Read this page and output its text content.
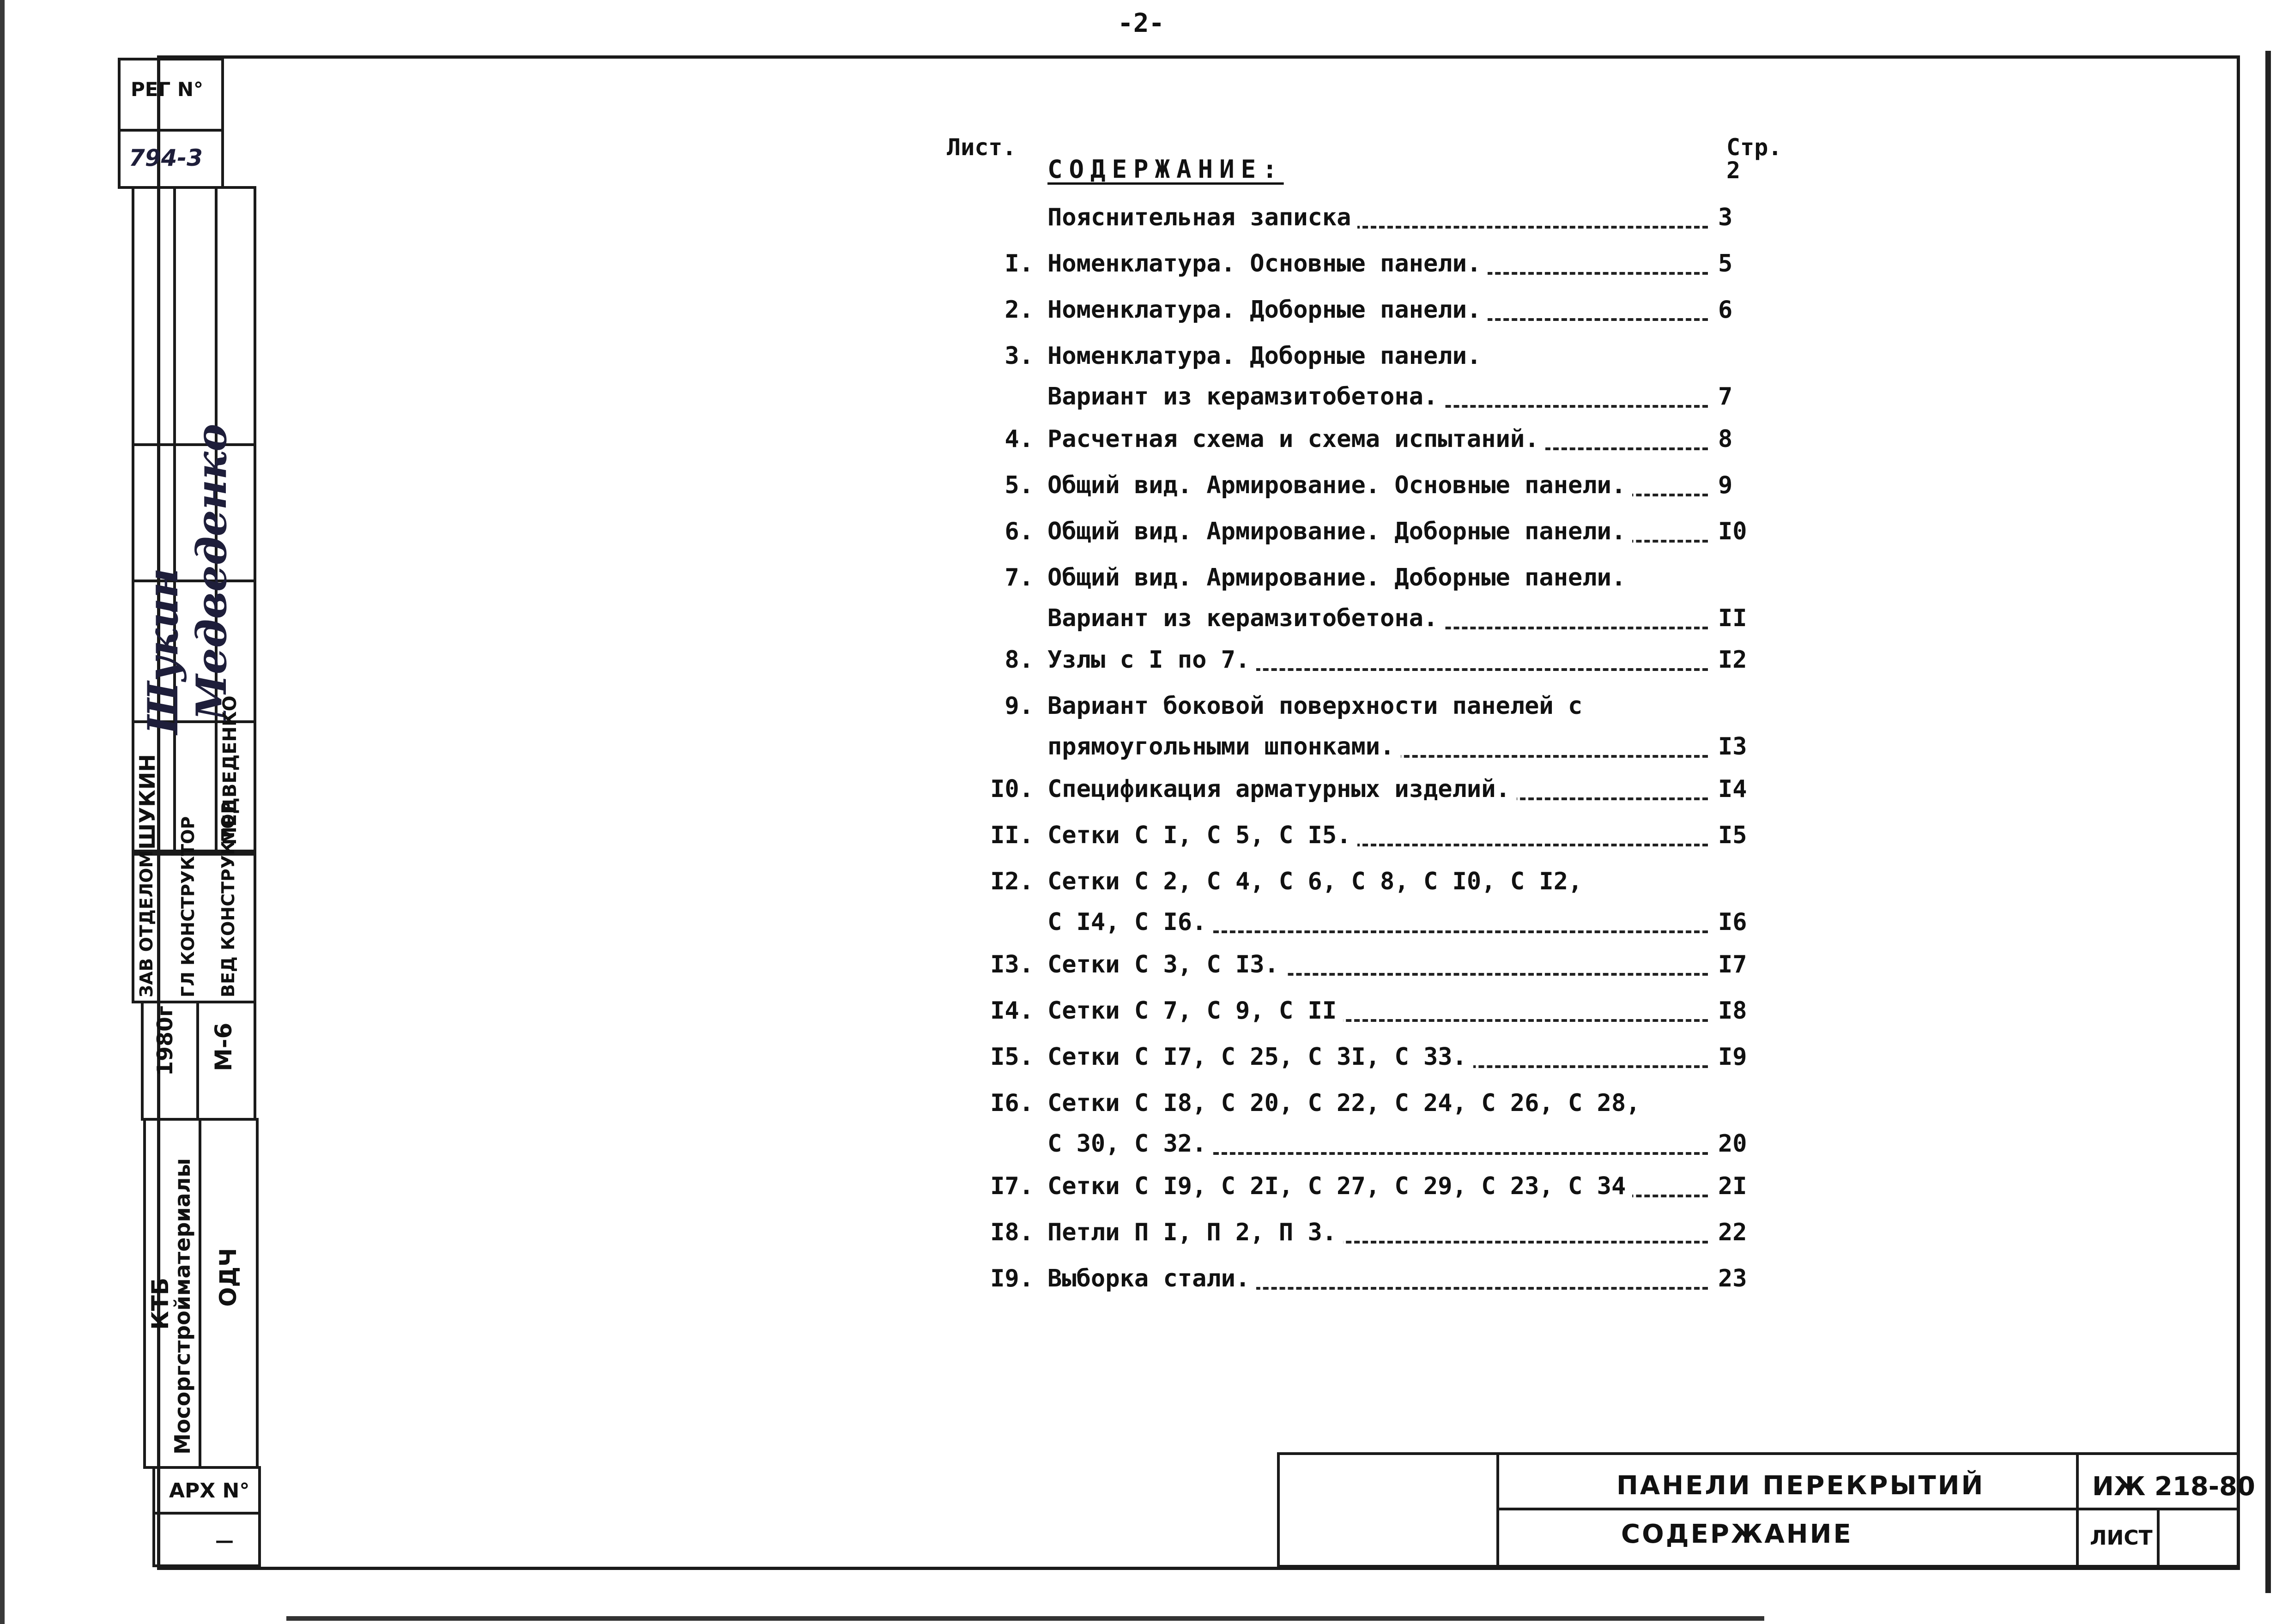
-2-
РЕГ N°
794-3
Шукин Медведенко
ШУКИН	МЕДВЕДЕНКО
ЗАВ ОТДЕЛОМ ГЛ КОНСТРУКТОР ВЕД КОНСТРУКТОР
1980г М-6
КТБ
Мосоргстройматериалы ОДЧ
АРХ N°
—
Лист.	Стр.
СОДЕРЖАНИЕ:	2
Пояснительная записка	3
I. Номенклатура. Основные панели.	5
2. Номенклатура. Доборные панели.	6
3. Номенклатура. Доборные панели.
Вариант из керамзитобетона.	7
4. Расчетная схема и схема испытаний.	8
5. Общий вид. Армирование. Основные панели.	9
6. Общий вид. Армирование. Доборные панели.	I0
7. Общий вид. Армирование. Доборные панели.
Вариант из керамзитобетона.	II
8. Узлы с I по 7.	I2
9. Вариант боковой поверхности панелей с
прямоугольными шпонками.	I3
I0. Спецификация арматурных изделий.	I4
II. Сетки С I, С 5, С I5.	I5
I2. Сетки С 2, С 4, С 6, С 8, С I0, С I2,
С I4, С I6.	I6
I3. Сетки С 3, С I3.	I7
I4. Сетки С 7, С 9, С II	I8
I5. Сетки С I7, С 25, С 3I, С 33.	I9
I6. Сетки С I8, С 20, С 22, С 24, С 26, С 28,
С 30, С 32.	20
I7. Сетки С I9, С 2I, С 27, С 29, С 23, С 34	2I
I8. Петли П I, П 2, П 3.	22
I9. Выборка стали.	23
ПАНЕЛИ ПЕРЕКРЫТИЙ
СОДЕРЖАНИЕ
ИЖ 218-80
ЛИСТ
